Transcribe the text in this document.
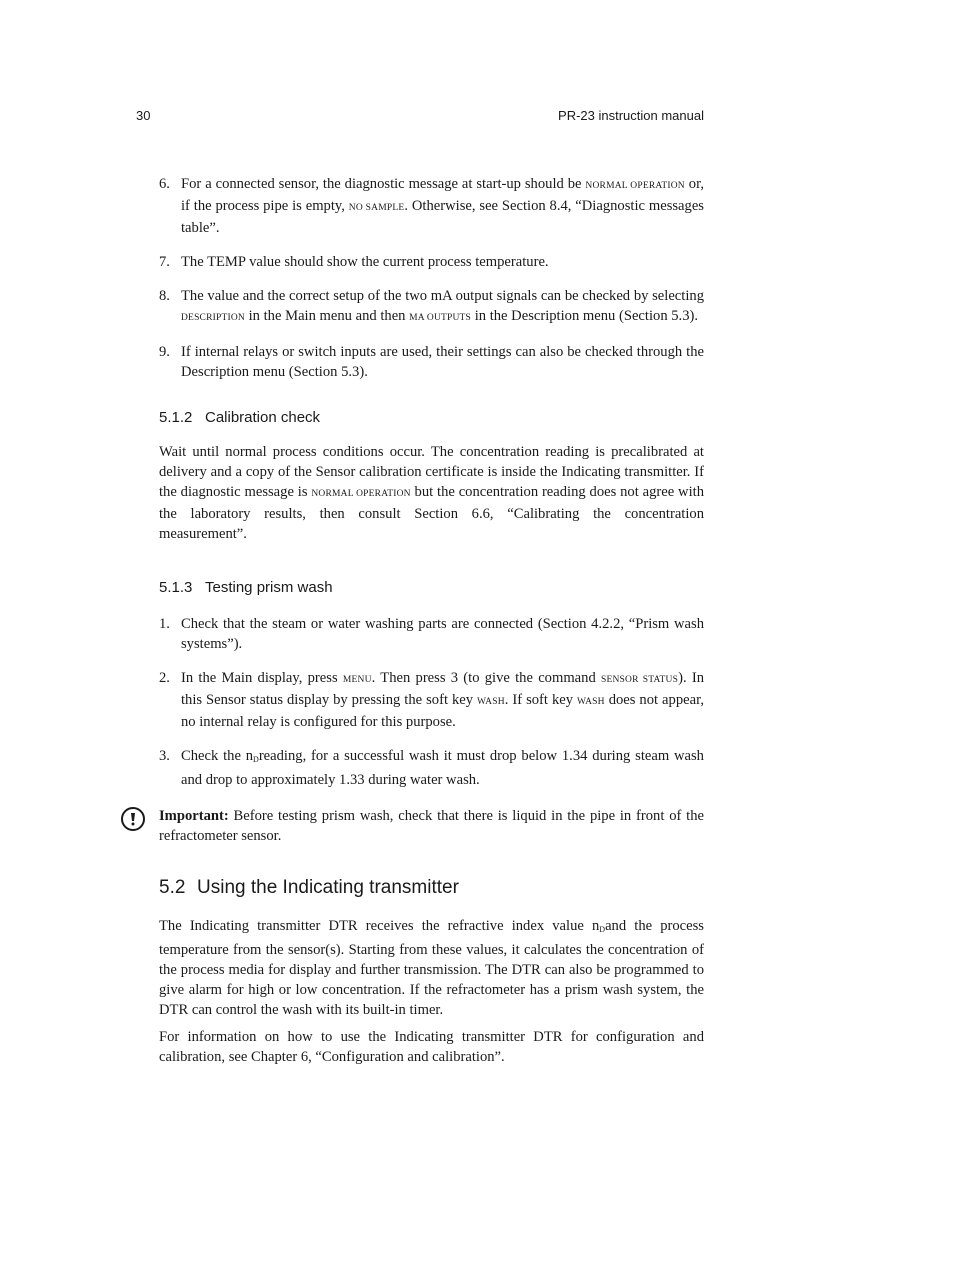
30	PR-23 instruction manual
6. For a connected sensor, the diagnostic message at start-up should be NORMAL OPERATION or, if the process pipe is empty, NO SAMPLE. Otherwise, see Section 8.4, “Diagnostic messages table”.
7. The TEMP value should show the current process temperature.
8. The value and the correct setup of the two mA output signals can be checked by selecting DESCRIPTION in the Main menu and then MA OUTPUTS in the Description menu (Section 5.3).
9. If internal relays or switch inputs are used, their settings can also be checked through the Description menu (Section 5.3).
5.1.2 Calibration check

Wait until normal process conditions occur. The concentration reading is precalibrated at delivery and a copy of the Sensor calibration certificate is inside the Indicating transmitter. If the diagnostic message is NORMAL OPERATION but the concentration reading does not agree with the laboratory results, then consult Section 6.6, “Calibrating the concentration measurement”.

5.1.3 Testing prism wash
1. Check that the steam or water washing parts are connected (Section 4.2.2, “Prism wash systems”).
2. In the Main display, press MENU. Then press 3 (to give the command SENSOR STATUS). In this Sensor status display by pressing the soft key WASH. If soft key WASH does not appear, no internal relay is configured for this purpose.
3. Check the $n_Dreading$, for a successful wash it must drop below 1.34 during steam wash and drop to approximately 1.33 during water wash.

Important: Before testing prism wash, check that there is liquid in the pipe in front of the refractometer sensor.

5.2 Using the Indicating transmitter

The Indicating transmitter DTR receives the refractive index value $n_Dand$ the process temperature from the sensor(s). Starting from these values, it calculates the concentration of the process media for display and further transmission. The DTR can also be programmed to give alarm for high or low concentration. If the refractometer has a prism wash system, the DTR can control the wash with its built-in timer.

For information on how to use the Indicating transmitter DTR for configuration and calibration, see Chapter 6, “Configuration and calibration”.
